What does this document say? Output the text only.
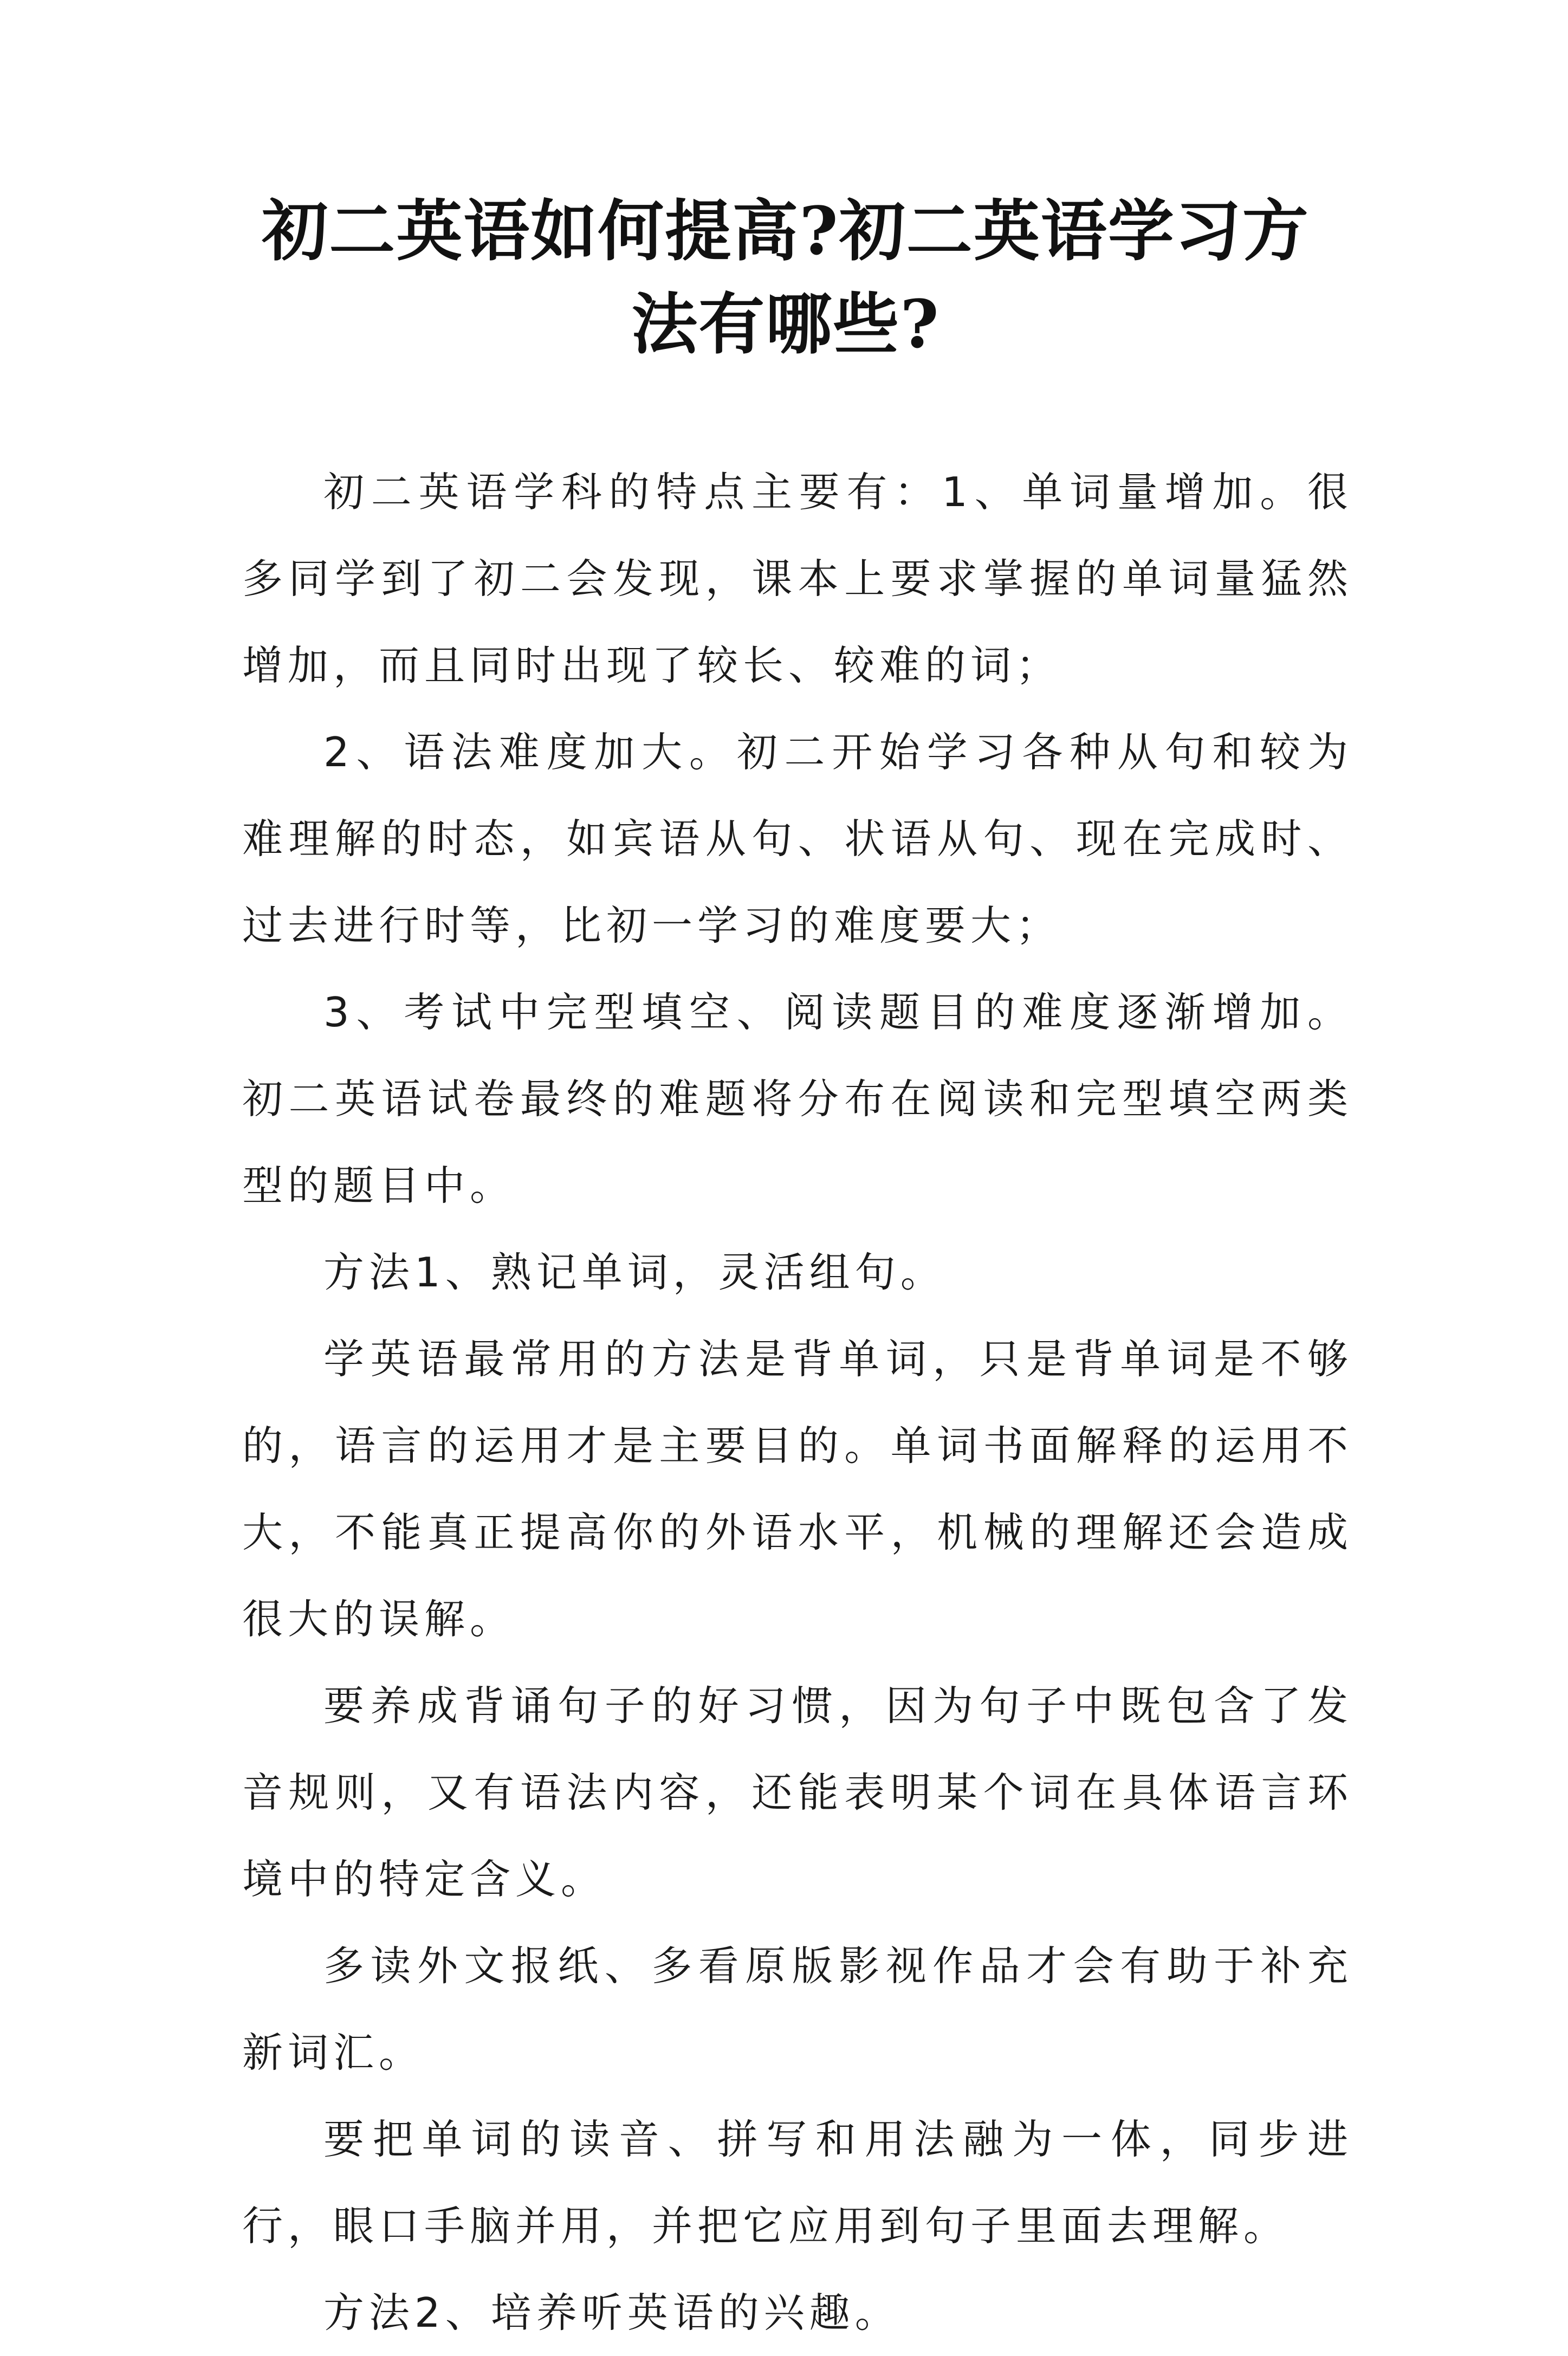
初二英语如何提高?初二英语学习方法有哪些?

初二英语学科的特点主要有：1、单词量增加。很多同学到了初二会发现，课本上要求掌握的单词量猛然增加，而且同时出现了较长、较难的词；

2、语法难度加大。初二开始学习各种从句和较为难理解的时态，如宾语从句、状语从句、现在完成时、过去进行时等，比初一学习的难度要大；

3、考试中完型填空、阅读题目的难度逐渐增加。初二英语试卷最终的难题将分布在阅读和完型填空两类型的题目中。

方法1、熟记单词，灵活组句。

学英语最常用的方法是背单词，只是背单词是不够的，语言的运用才是主要目的。单词书面解释的运用不大，不能真正提高你的外语水平，机械的理解还会造成很大的误解。

要养成背诵句子的好习惯，因为句子中既包含了发音规则，又有语法内容，还能表明某个词在具体语言环境中的特定含义。

多读外文报纸、多看原版影视作品才会有助于补充新词汇。

要把单词的读音、拼写和用法融为一体，同步进行，眼口手脑并用，并把它应用到句子里面去理解。

方法2、培养听英语的兴趣。
